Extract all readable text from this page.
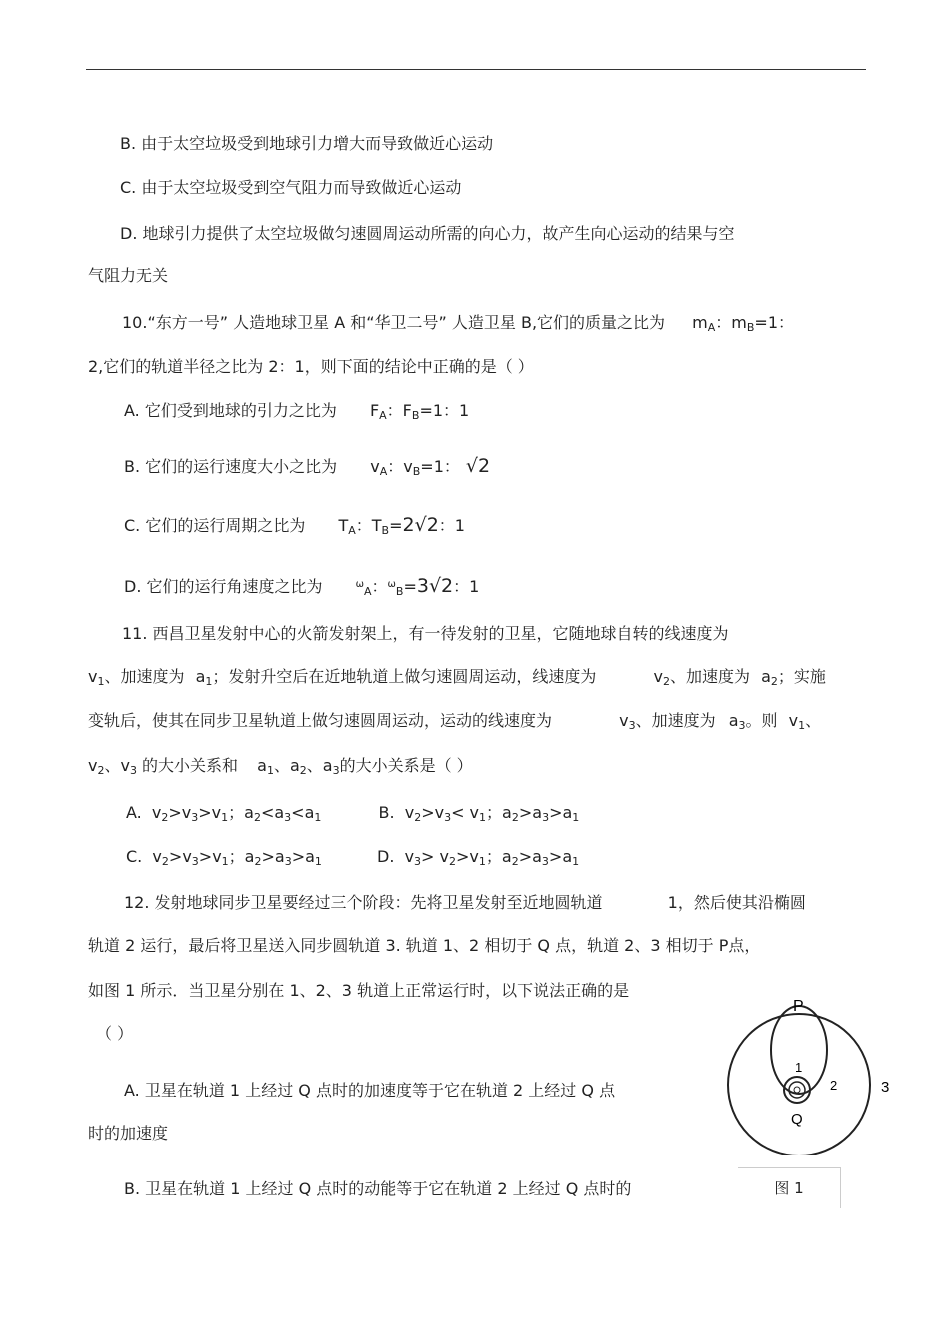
B. 由于太空垃圾受到地球引力增大而导致做近心运动
C. 由于太空垃圾受到空气阻力而导致做近心运动
D. 地球引力提供了太空垃圾做匀速圆周运动所需的向心力，故产生向心运动的结果与空
气阻力无关
10.“东方一号” 人造地球卫星 A 和“华卫二号” 人造卫星 B,它们的质量之比为 $m_A$：$m_B=1$：
2,它们的轨道半径之比为 2：1，则下面的结论中正确的是（ ）
A. 它们受到地球的引力之比为 $F_A$：$F_B=1$：1
B. 它们的运行速度大小之比为 $v_A$：$v_B=1$： √2
C. 它们的运行周期之比为 $T_A$：$T_B=2√2$：1
D. 它们的运行角速度之比为	$^\omega_A$：$^\omega_B$=3√2：1
11. 西昌卫星发射中心的火箭发射架上，有一待发射的卫星，它随地球自转的线速度为
$v_1$、加速度为 $a_1$；发射升空后在近地轨道上做匀速圆周运动，线速度为	$v_2$、加速度为 $a_2$；实施
变轨后，使其在同步卫星轨道上做匀速圆周运动，运动的线速度为	$v_3$、加速度为 $a_3$。则 $v_1$、
$v_2$、$v_3$ 的大小关系和 $a_1$、$a_2$、$a_3$的大小关系是（ ）
A.  $v_2>v_3>v_1$；$a_2<a_3<a_1$	B.  $v_2>v_3< v_1$；$a_2>a_3>a_1$
C.  $v_2>v_3>v_1$；$a_2>a_3>a_1$	D.  $v_3> v_2>v_1$；$a_2>a_3>a_1$
12. 发射地球同步卫星要经过三个阶段：先将卫星发射至近地圆轨道	1，然后使其沿椭圆
轨道 2 运行，最后将卫星送入同步圆轨道 3. 轨道 1、2 相切于 Q 点，轨道 2、3 相切于 P点，
如图 1 所示．当卫星分别在 1、2、3 轨道上正常运行时，以下说法正确的是
（ ）
A. 卫星在轨道 1 上经过 Q 点时的加速度等于它在轨道 2 上经过 Q 点
时的加速度
B. 卫星在轨道 1 上经过 Q 点时的动能等于它在轨道 2 上经过 Q 点时的
P
Q
1
2	3
图 1
